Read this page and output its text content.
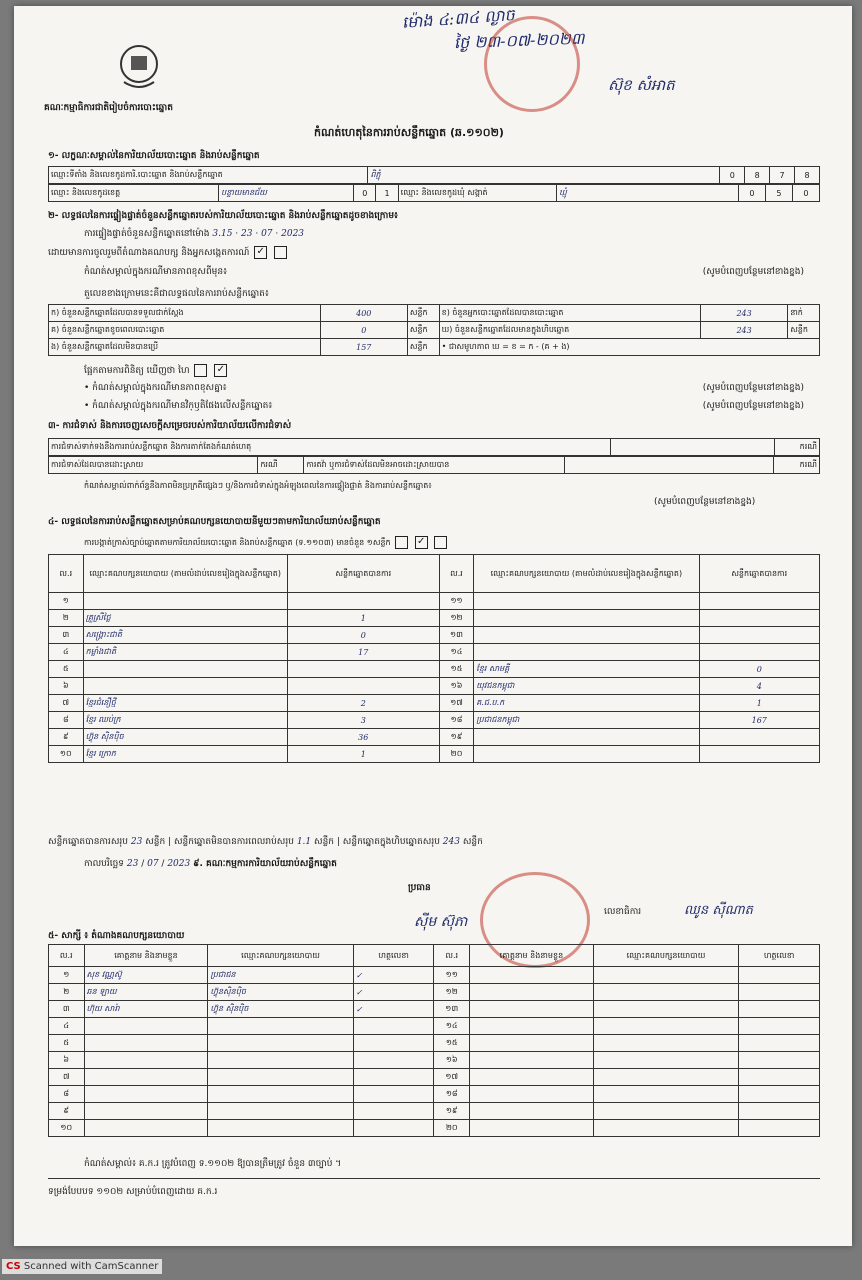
ម៉ោង ៤:៣៤ ល្ងាច
ថ្ងៃ ២៣-០៧-២០២៣
ស៊ុខ សំអាត
គណៈកម្មាធិការជាតិរៀបចំការបោះឆ្នោត
កំណត់ហេតុនៃការរាប់សន្លឹកឆ្នោត (ឆ.១១០២)
១- លក្ខណៈសម្គាល់នៃការិយាល័យបោះឆ្នោត និងរាប់សន្លឹកឆ្នោត
ឈ្មោះទីតាំង និងលេខកូដការិ.បោះឆ្នោត និងរាប់សន្លឹកឆ្នោត	ពិភ្ជុំ	0	8	7	8
ឈ្មោះ និងលេខកូដខេត្ត	បន្ទាយមានជ័យ	0	1	ឈ្មោះ និងលេខកូដឃុំ សង្កាត់	ឃ្មុំ	0	5	0
២- លទ្ធផលនៃការផ្ទៀងផ្ទាត់ចំនួនសន្លឹកឆ្នោតរបស់ការិយាល័យបោះឆ្នោត និងរាប់សន្លឹកឆ្នោតដូចខាងក្រោម៖
ការផ្ទៀងផ្ទាត់ចំនួនសន្លឹកឆ្នោតនៅម៉ោង 3.15 · 23 · 07 · 2023
ដោយមានការចូលរួមពីតំណាងគណបក្ស និងអ្នកសង្កេតការណ៍ ✓
កំណត់សម្គាល់ក្នុងករណីមានភាពខុសពីមុន៖	(សូមបំពេញបន្ថែមនៅខាងខ្នង)
តួលេខខាងក្រោមនេះគឺជាលទ្ធផលនៃការរាប់សន្លឹកឆ្នោត៖
ក) ចំនួនសន្លឹកឆ្នោតដែលបានទទួលជាក់ស្តែង	400	សន្លឹក	ខ) ចំនួនអ្នកបោះឆ្នោតដែលបានបោះឆ្នោត	243	នាក់
គ) ចំនួនសន្លឹកឆ្នោតខូចពេលបោះឆ្នោត	0	សន្លឹក	ឃ) ចំនួនសន្លឹកឆ្នោតដែលមានក្នុងហិបឆ្នោត	243	សន្លឹក
ង) ចំនួនសន្លឹកឆ្នោតដែលមិនបានប្រើ	157	សន្លឹក	• ជាសមូហភាព ឃ = ខ = ក - (គ + ង)		
ផ្អែកតាមការពិនិត្យ ឃើញថា ហៃ	✓
• កំណត់សម្គាល់ក្នុងករណីមានភាពខុសគ្នា៖	(សូមបំពេញបន្ថែមនៅខាងខ្នង)
• កំណត់សម្គាល់ក្នុងករណីមានវិក្ឫតិផែងលើសន្លឹកឆ្នោត៖	(សូមបំពេញបន្ថែមនៅខាងខ្នង)
៣- ការជំទាស់ និងការចេញសេចក្តីសម្រេចរបស់ការិយាល័យលើការជំទាស់
ការជំទាស់ទាក់ទងនឹងការរាប់សន្លឹកឆ្នោត និងការតាក់តែងកំណត់ហេតុ		ករណី
ការជំទាស់ដែលបានដោះស្រាយ	ករណី	ការតវ៉ា ឬការជំទាស់ដែលមិនអាចដោះស្រាយបាន		ករណី
កំណត់សម្គាល់ពាក់ព័ន្ធនឹងភាពមិនប្រក្រតីផ្សេងៗ ឬ/និងការជំទាស់ក្នុងអំឡុងពេលនៃការផ្ទៀងផ្ទាត់ និងការរាប់សន្លឹកឆ្នោត៖
(សូមបំពេញបន្ថែមនៅខាងខ្នង)
៤- លទ្ធផលនៃការរាប់សន្លឹកឆ្នោតសម្រាប់គណបក្សនយោបាយនីមួយៗតាមការិយាល័យរាប់សន្លឹកឆ្នោត
ការបង្កាត់ក្រាស់ច្បាប់ឆ្នោតតាមការិយាល័យបោះឆ្នោត និងរាប់សន្លឹកឆ្នោត (ទ.១១០៣) មានចំនួន ១សន្លឹក	✓
ល.រ	ឈ្មោះគណបក្សនយោបាយ (តាមលំដាប់លេខរៀងក្នុងសន្លឹកឆ្នោត)	សន្លឹកឆ្នោតបានការ	ល.រ	ឈ្មោះគណបក្សនយោបាយ (តាមលំដាប់លេខរៀងក្នុងសន្លឹកឆ្នោត)	សន្លឹកឆ្នោតបានការ
១			១១		
២	គ្រួស្រីថ្លៃ	1	១២		
៣	សង្គ្រោះជាតិ	0	១៣		
៤	កម្លាំងជាតិ	17	១៤		
៥			១៥	ខ្មែរ សាមគ្គី	0
៦			១៦	យុវជនកម្ពុជា	4
៧	ខ្មែរជំនឿថ្មី	2	១៧	គ.ជ.ប.ក	1
៨	ខ្មែរ ឈប់ក្រ	3	១៨	ប្រជាជនកម្ពុជា	167
៩	ហ៊្វុន ស៊ិនប៉ិច	36	១៩		
១០	ខ្មែរ ក្រោក	1	២០		
សន្លឹកឆ្នោតបានការសរុប 23 សន្លឹក | សន្លឹកឆ្នោតមិនបានការពេលរាប់សរុប 1.1 សន្លឹក | សន្លឹកឆ្នោតក្នុងហិបឆ្នោតសរុប 243 សន្លឹក
កាលបរិច្ឆេទ 23 / 07 / 2023 ៩. គណៈកម្មការការិយាល័យរាប់សន្លឹកឆ្នោត
ប្រធាន
ស៊ីម ស៊ុភា
លេខាធិការ	ឈូន ស៊ីណាត
៥- សាក្សី ៖ តំណាងគណបក្សនយោបាយ
ល.រ	គោត្តនាម និងនាមខ្លួន	ឈ្មោះគណបក្សនយោបាយ	ហត្ថលេខា	ល.រ	គោត្តនាម និងនាមខ្លួន	ឈ្មោះគណបក្សនយោបាយ	ហត្ថលេខា
១	សុខ វណ្ណស៊ូ	ប្រជាជន	✓	១១			
២	ឆន ឡាយ	ហ៊្វុនស៊ិនប៉ិច	✓	១២			
៣	ហ៊ុយ សារ៉ា	ហ៊្វុន ស៊ិនប៉ិច	✓	១៣			
៤				១៤			
៥				១៥			
៦				១៦			
៧				១៧			
៨				១៨			
៩				១៩			
១០				២០			
កំណត់សម្គាល់៖ គ.ក.រ ត្រូវបំពេញ ទ.១១០២ ឱ្យបានត្រឹមត្រូវ ចំនួន ៣ច្បាប់ ។
ទម្រង់បែបបទ ១១០២ សម្រាប់បំពេញដោយ គ.ក.រ
CS Scanned with CamScanner
